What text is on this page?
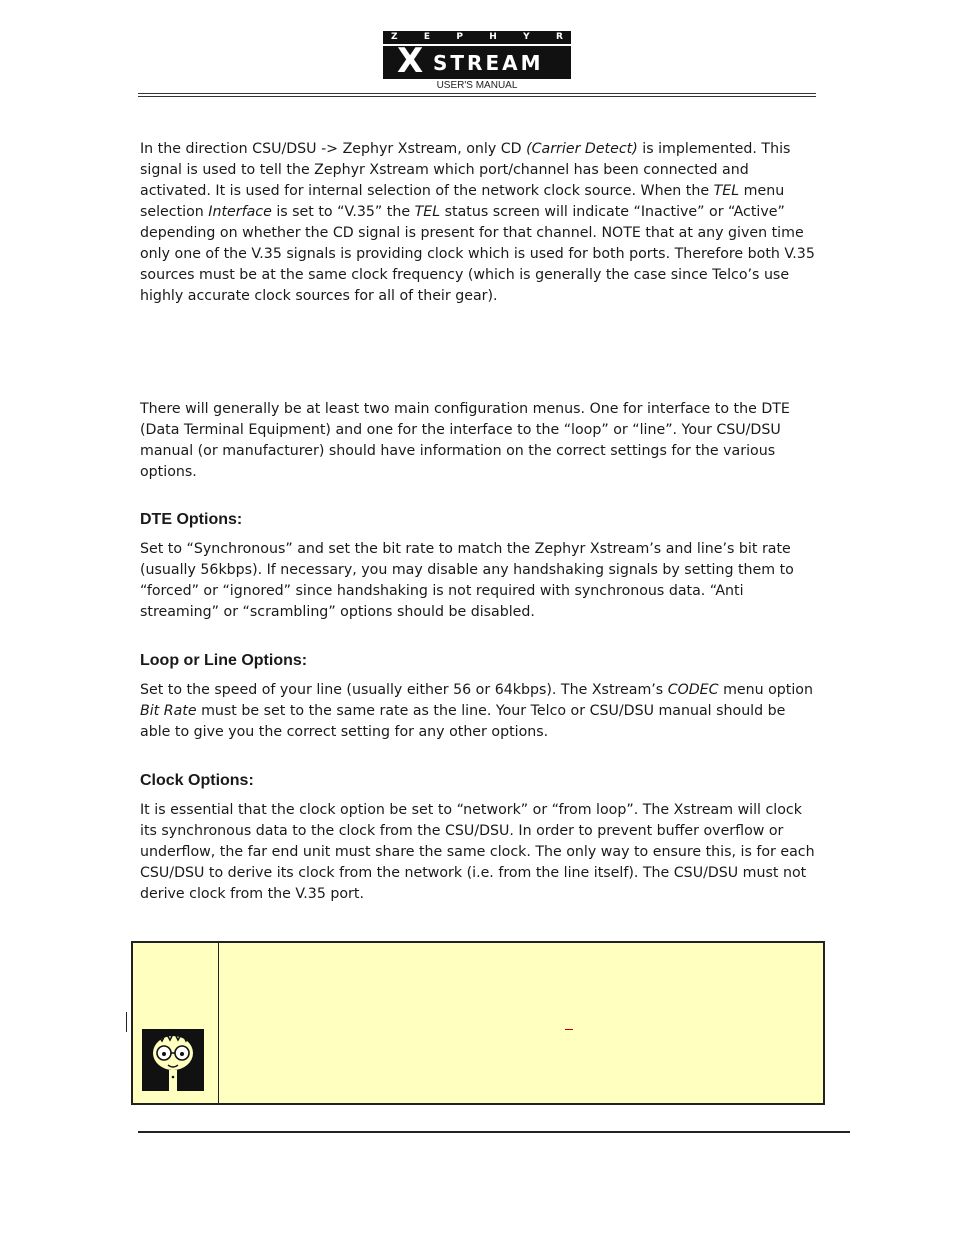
Z	E	P	H	Y	R
X STREAM
USER'S MANUAL

In the direction CSU/DSU -> Zephyr Xstream, only CD (Carrier Detect) is implemented. This signal is used to tell the Zephyr Xstream which port/channel has been connected and activated. It is used for internal selection of the network clock source. When the TEL menu selection Interface is set to “V.35” the TEL status screen will indicate “Inactive” or “Active” depending on whether the CD signal is present for that channel. NOTE that at any given time only one of the V.35 signals is providing clock which is used for both ports. Therefore both V.35 sources must be at the same clock frequency (which is generally the case since Telco’s use highly accurate clock sources for all of their gear).

There will generally be at least two main configuration menus. One for interface to the DTE (Data Terminal Equipment) and one for the interface to the “loop” or “line”. Your CSU/DSU manual (or manufacturer) should have information on the correct settings for the various options.

DTE Options:

Set to “Synchronous” and set the bit rate to match the Zephyr Xstream’s and line’s bit rate (usually 56kbps). If necessary, you may disable any handshaking signals by setting them to “forced” or “ignored” since handshaking is not required with synchronous data. “Anti streaming” or “scrambling” options should be disabled.

Loop or Line Options:

Set to the speed of your line (usually either 56 or 64kbps). The Xstream’s CODEC menu option Bit Rate must be set to the same rate as the line. Your Telco or CSU/DSU manual should be able to give you the correct setting for any other options.

Clock Options:

It is essential that the clock option be set to “network” or “from loop”. The Xstream will clock its synchronous data to the clock from the CSU/DSU. In order to prevent buffer overflow or underflow, the far end unit must share the same clock. The only way to ensure this, is for each CSU/DSU to derive its clock from the network (i.e. from the line itself). The CSU/DSU must not derive clock from the V.35 port.
